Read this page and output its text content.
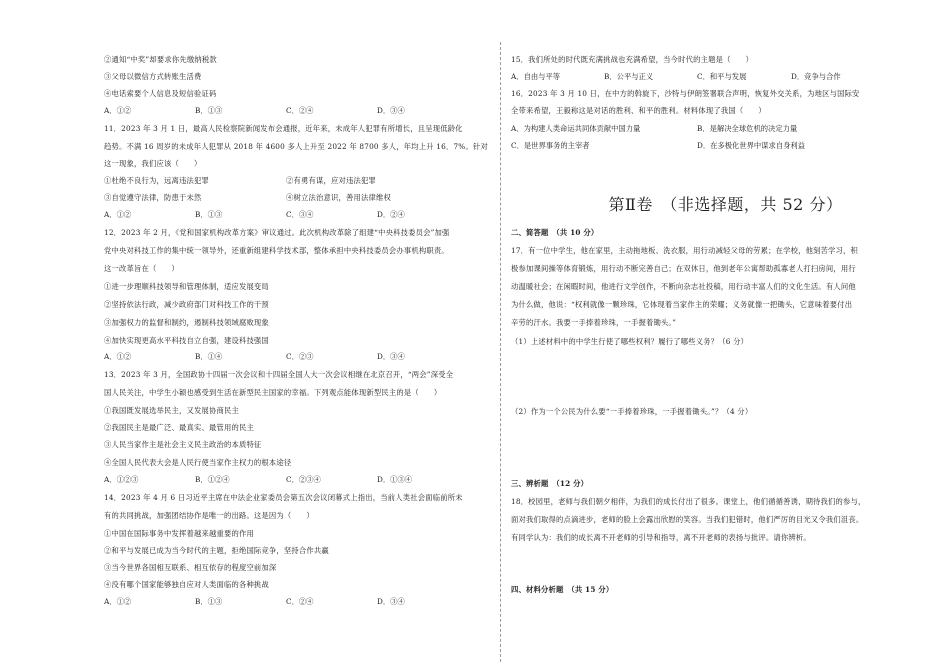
②通知“中奖”却要求你先缴纳税款
③父母以微信方式转账生活费
④电话索要个人信息及短信验证码
A．①②	B．①③	C．②④	D．③④
11．2023 年 3 月 1 日，最高人民检察院新闻发布会通报，近年来，未成年人犯罪有所增长，且呈现低龄化
趋势。不满 16 周岁的未成年人犯罪从 2018 年 4600 多人上升至 2022 年 8700 多人，年均上升 16．7%。针对
这一现象，我们应该（　　）
①杜绝不良行为，远离违法犯罪	②有勇有谋，应对违法犯罪
③自觉遵守法律，防患于未然	④树立法治意识，善用法律维权
A．①②	B．①③	C．③④	D．②④
12．2023 年 2 月，《党和国家机构改革方案》审议通过。此次机构改革除了组建“中央科技委员会”加强
党中央对科技工作的集中统一领导外，还重新组建科学技术部，整体承担中央科技委员会办事机构职责。
这一改革旨在（　　）
①进一步理顺科技领导和管理体制，适应发展变局
②坚持依法行政，减少政府部门对科技工作的干预
③加强权力的监督和制约，遏制科技领域腐败现象
④加快实现更高水平科技自立自强，建设科技强国
A．①②	B．①④	C．②③	D．③④
13．2023 年 3 月，全国政协十四届一次会议和十四届全国人大一次会议相继在北京召开，“两会”深受全
国人民关注，中学生小颖也感受到生活在新型民主国家的幸福。下列观点能体现新型民主的是（　　）
①我国既发展选举民主，又发展协商民主
②我国民主是最广泛、最真实、最管用的民主
③人民当家作主是社会主义民主政治的本质特征
④全国人民代表大会是人民行使当家作主权力的根本途径
A．①②③	B．①②④	C．②③④	D．①③④
14．2023 年 4 月 6 日习近平主席在中法企业家委员会第五次会议闭幕式上指出，当前人类社会面临前所未
有的共同挑战，加强团结协作是唯一的出路。这是因为（　　）
①中国在国际事务中发挥着越来越重要的作用
②和平与发展已成为当今时代的主题，拒绝国际竞争，坚持合作共赢
③当今世界各国相互联系、相互依存的程度空前加深
④没有哪个国家能够独自应对人类面临的各种挑战
A．①②	B．①③	C．②④	D．③④
15．我们所处的时代既充满挑战也充满希望，当今时代的主题是（　　）
A．自由与平等	B．公平与正义	C．和平与发展	D．竞争与合作
16．2023 年 3 月 10 日，在中方的斡旋下，沙特与伊朗签署联合声明，恢复外交关系，为地区与国际安
全带来希望，王毅称这是对话的胜利、和平的胜利。材料体现了我国（　　）
A．为构建人类命运共同体贡献中国力量	B．是解决全球危机的决定力量
C．是世界事务的主宰者	D．在多极化世界中谋求自身利益
第Ⅱ卷　（非选择题，共 52 分）
二、简答题　（共 10 分）
17．有一位中学生，他在家里，主动拖地板、洗衣服，用行动减轻父母的劳累；在学校，他刻苦学习，积
极参加课间操等体育锻炼，用行动不断完善自己；在双休日，他到老年公寓帮助孤寡老人打扫房间，用行
动温暖社会；在闲暇时间，他进行文学创作，不断向杂志社投稿，用行动丰富人们的文化生活。有人问他
为什么做，他说：“权利就像一颗珍珠，它体现着当家作主的荣耀；义务就像一把锄头，它意味着要付出
辛劳的汗水。我要一手捧着珍珠，一手握着锄头。”
（1）上述材料中的中学生行使了哪些权利？履行了哪些义务？（6 分）
（2）作为一个公民为什么要“一手捧着珍珠，一手握着锄头。”？（4 分）
三、辨析题　（12 分）
18．校园里，老师与我们朝夕相伴，为我们的成长付出了很多。课堂上，他们循循善诱，期待我们的参与，
面对我们取得的点滴进步，老师的脸上会露出欣慰的笑容。当我们犯错时，他们严厉的目光又令我们沮丧。
有同学认为：我们的成长离不开老师的引导和指导，离不开老师的表扬与批评。请你辨析。
四、材料分析题　（共 15 分）
